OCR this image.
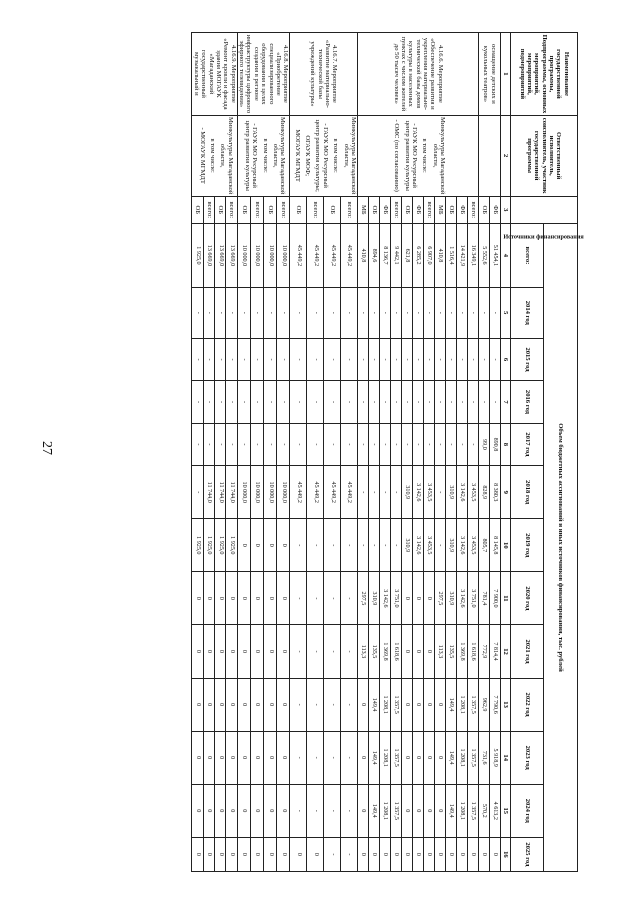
27
Наименование государственной программы, Подпрограммы, основных мероприятий, мероприятий, подмероприятий	Ответственный исполнитель, соисполнитель, участник государственной программы	Источники финансирования	Объем бюджетных ассигнований и иных источников финансирования, тыс. рублей												
			всего:	2014 год	2015 год	2016 год	2017 год	2018 год	2019 год	2020 год	2021 год	2022 год	2023 год	2024 год	2025 год
1	2	3	4	5	6	7	8	9	10	11	12	13	14	15	16
оснащение детских и кукольных театров»		ФБ	51 454,1	-	-	-	890,8	8 380,3	8 145,8	7 900,0	7 814,4	7 790,6	5 918,9	4 613,2	0
		ОБ	5 552,6	-	-	-	99,0	828,9	805,7	781,4	772,9	962,9	731,6	570,2	0
4.16.6. Мероприятие «Обеспечение развития и укрепления материально-технической базы домов культуры в населенных пунктах с числом жителей до 50 тысяч человек»	Минкультуры Магаданской области,
в том числе:
- ГАУК МО Ресурсный центр развития культуры
- ОМС (по согласованию)	всего:	16 349,1	-	-	-	-	3 453,5	3 453,5	3 751,0	1 618,6	1 357,5	1 357,5	1 357,5	0
		ФБ	14 421,9	-	-	-	-	3 142,6	3 142,6	3 142,6	1 369,8	1 208,1	1 208,1	1 208,1	0
		ОБ	1 516,4	-	-	-	-	310,9	310,9	310,9	135,5	149,4	149,4	149,4	0
		МБ	410,8	-	-	-	-	-	-	297,5	113,3	0	0	0	0
		всего:	6 907,0	-	-	-	-	3 453,5	3 453,5	0	0	0	0	0	0
		ФБ	6 285,2	-	-	-	-	3 142,6	3 142,6	0	0	0	0	0	0
		ОБ	621,8	-	-	-	-	310,9	310,9	0	0	0	0	0	0
		всего:	9 442,1	-	-	-	-	-	-	3 751,0	1 618,6	1 357,5	1 357,5	1 357,5	0
		ФБ	8 136,7	-	-	-	-	-	-	3 142,6	1 369,8	1 208,1	1 208,1	1 208,1	0
		ОБ	894,6	-	-	-	-	-	-	310,9	135,5	149,4	149,4	149,4	0
		МБ	410,8	-	-	-	-	-	-	297,5	113,3	0	0	0	0
4.16.7. Мероприятие «Развитие материально-технической базы учреждений культуры»	Минкультуры Магаданской области,
в том числе:
- ГАУК МО Ресурсный центр развития культуры;
ОГАУК МОФ;
МОГАУК МГМДТ	всего:	45 449,2	-	-	-	-	45 449,2	-	-	-	-	-	-	-
		ОБ	45 449,2	-	-	-	-	45 449,2	-	-	-	-	-	-	-
		всего:	45 449,2	-	-	-	-	45 449,2	-	-	-	-	-	-	0
		ОБ	45 449,2	-	-	-	-	45 449,2	-	-	-	-	-	-	0
4.16.8. Мероприятие «Приобретение специализированного оборудования в целях создания в регионе инфраструктуры цифрового эфирного телевидения»	Минкультуры Магаданской области,
в том числе:
- ГАУК МО Ресурсный центр развития культуры	всего:	10 000,0	-	-	-	-	10 000,0	0	0	0	0	0	0	0
		ОБ	10 000,0	-	-	-	-	10 000,0	0	0	0	0	0	0	0
		всего:	10 000,0	-	-	-	-	10 000,0	0	0	0	0	0	0	0
		ОБ	10 000,0	-	-	-	-	10 000,0	0	0	0	0	0	0	0
4.16.9. Мероприятие «Ремонт кровли и фасада здания МОГАУК «Магаданский государственный музыкальный и	Минкультуры Магаданской области,
в том числе:
- МОГАУК МГМДТ	всего:	13 669,0	-	-	-	-	11 744,0	1 925,0	0	0	0	0	0	0
		ОБ	13 669,0	-	-	-	-	11 744,0	1 925,0	0	0	0	0	0	0
		всего:	13 669,0	-	-	-	-	11 744,0	1 925,0	0	0	0	0	0	0
		ОБ	1 925,0	-	-	-	-	-	1 925,0	0	0	0	0	0	0
